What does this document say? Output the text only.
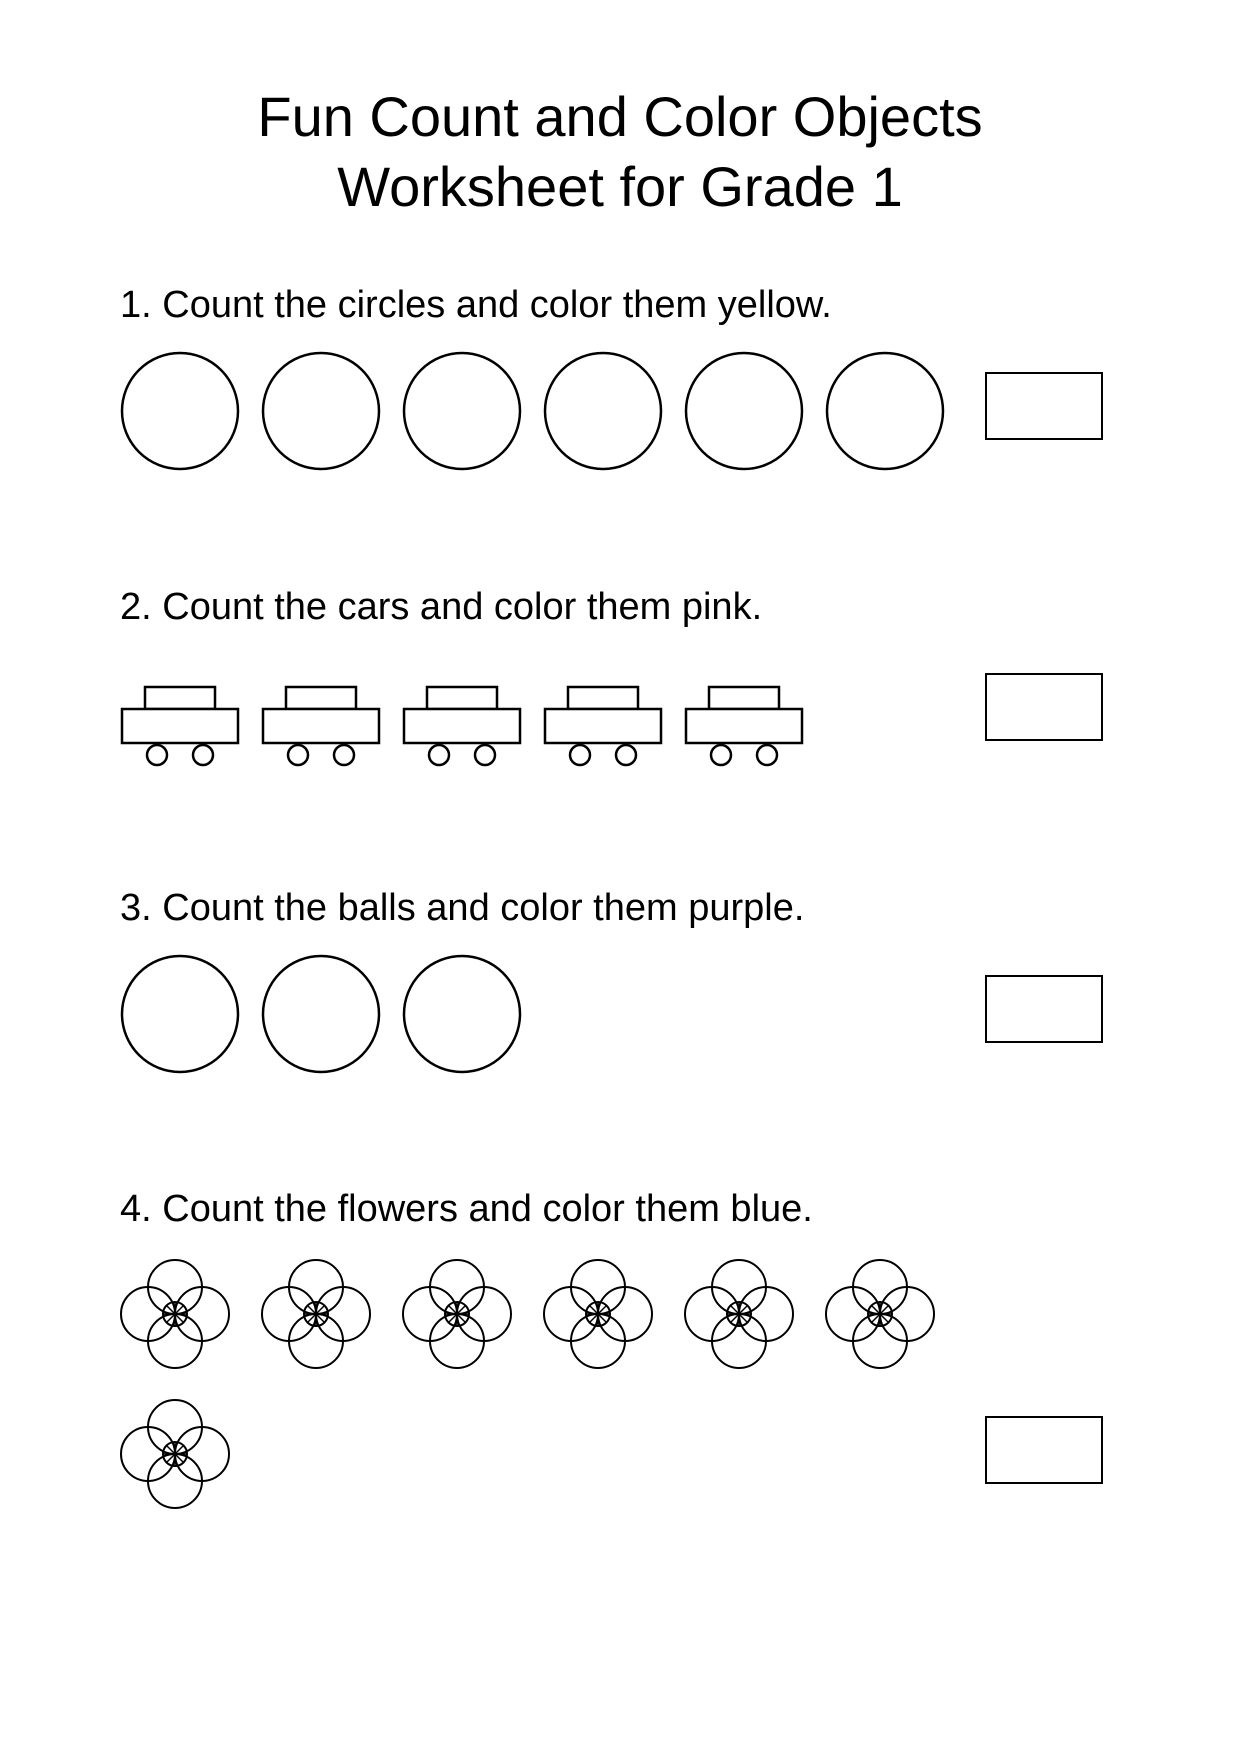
Fun Count and Color Objects
Worksheet for Grade 1

1. Count the circles and color them yellow.

2. Count the cars and color them pink.

3. Count the balls and color them purple.

4. Count the flowers and color them blue.
